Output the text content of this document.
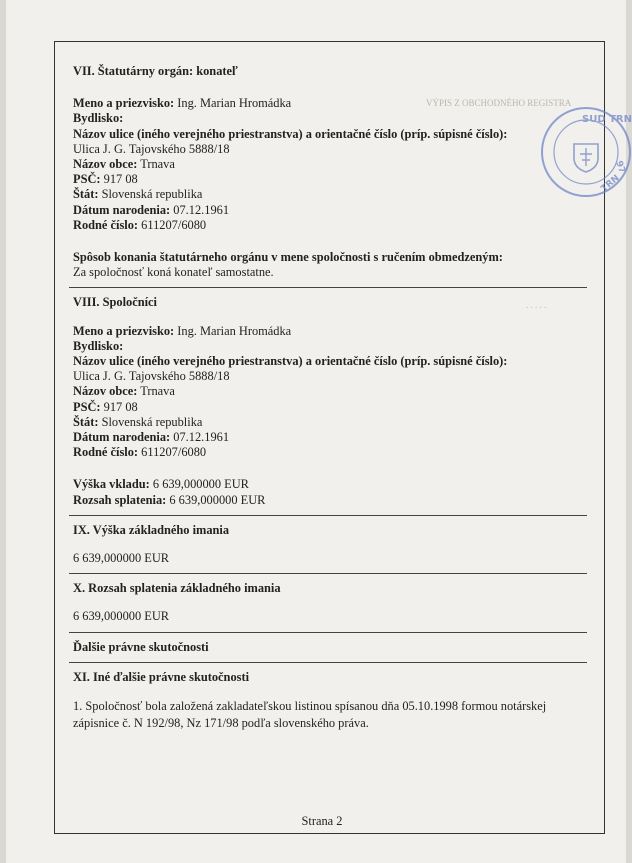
VÝPIS Z OBCHODNÉHO REGISTRA
. . . . .
SUD TRN
97
TRN
VII. Štatutárny orgán: konateľ
Meno a priezvisko: Ing. Marian Hromádka
Bydlisko:
Názov ulice (iného verejného priestranstva) a orientačné číslo (príp. súpisné číslo):
Ulica J. G. Tajovského 5888/18
Názov obce: Trnava
PSČ: 917 08
Štát: Slovenská republika
Dátum narodenia: 07.12.1961
Rodné číslo: 611207/6080
Spôsob konania štatutárneho orgánu v mene spoločnosti s ručením obmedzeným:
Za spoločnosť koná konateľ samostatne.
VIII. Spoločníci
Meno a priezvisko: Ing. Marian Hromádka
Bydlisko:
Názov ulice (iného verejného priestranstva) a orientačné číslo (príp. súpisné číslo):
Ulica J. G. Tajovského 5888/18
Názov obce: Trnava
PSČ: 917 08
Štát: Slovenská republika
Dátum narodenia: 07.12.1961
Rodné číslo: 611207/6080
Výška vkladu: 6 639,000000 EUR
Rozsah splatenia: 6 639,000000 EUR
IX. Výška základného imania
6 639,000000 EUR
X. Rozsah splatenia základného imania
6 639,000000 EUR
Ďalšie právne skutočnosti
XI. Iné ďalšie právne skutočnosti
1. Spoločnosť bola založená zakladateľskou listinou spísanou dňa 05.10.1998 formou notárskej zápisnice č. N 192/98, Nz 171/98 podľa slovenského práva.
Strana 2
